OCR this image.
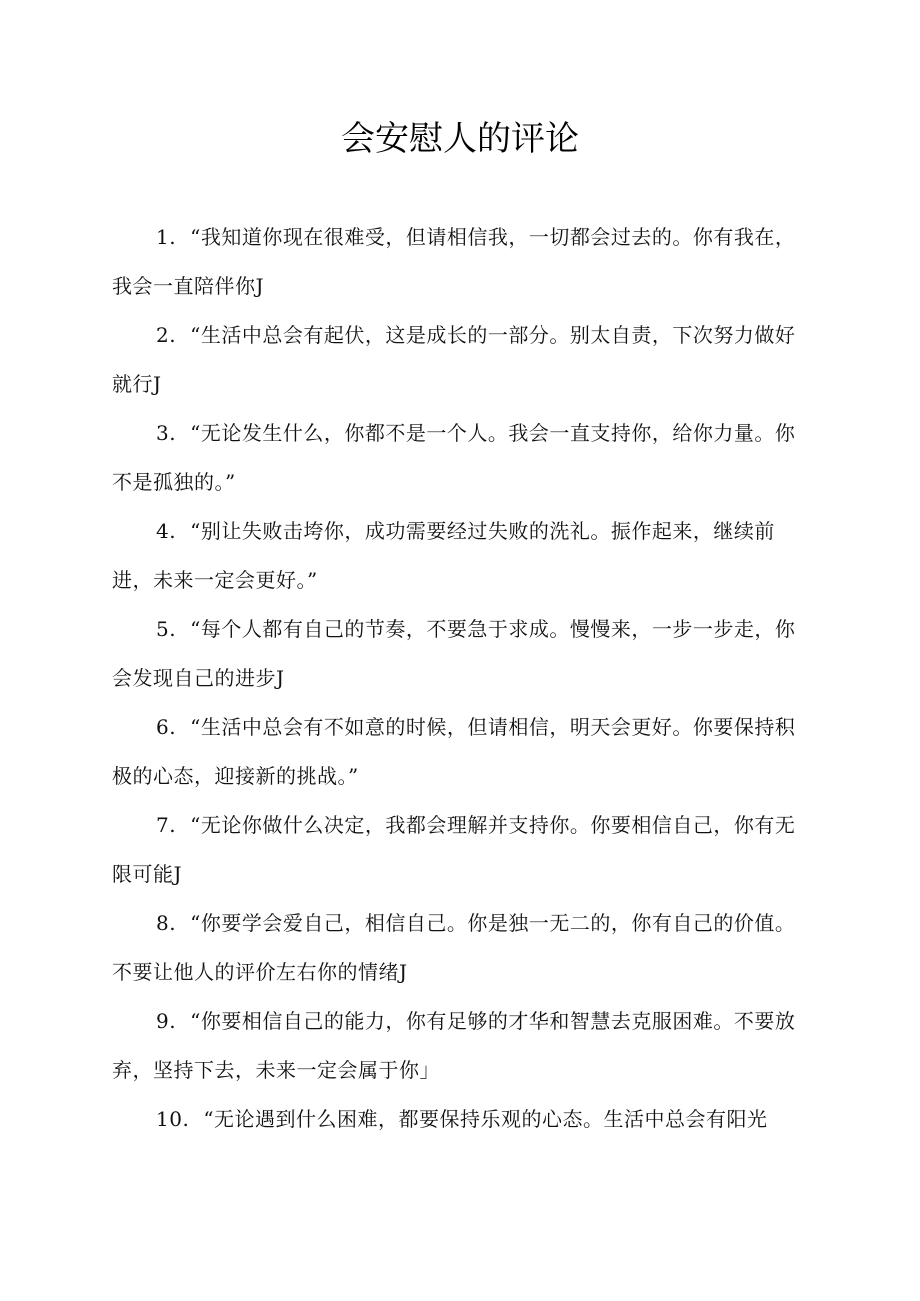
会安慰人的评论
1. “我知道你现在很难受，但请相信我，一切都会过去的。你有我在，我会一直陪伴你J
2. “生活中总会有起伏，这是成长的一部分。别太自责，下次努力做好就行J
3. “无论发生什么，你都不是一个人。我会一直支持你，给你力量。你不是孤独的。”
4. “别让失败击垮你，成功需要经过失败的洗礼。振作起来，继续前进，未来一定会更好。”
5. “每个人都有自己的节奏，不要急于求成。慢慢来，一步一步走，你会发现自己的进步J
6. “生活中总会有不如意的时候，但请相信，明天会更好。你要保持积极的心态，迎接新的挑战。”
7. “无论你做什么决定，我都会理解并支持你。你要相信自己，你有无限可能J
8. “你要学会爱自己，相信自己。你是独一无二的，你有自己的价值。不要让他人的评价左右你的情绪J
9. “你要相信自己的能力，你有足够的才华和智慧去克服困难。不要放弃，坚持下去，未来一定会属于你」
10. “无论遇到什么困难，都要保持乐观的心态。生活中总会有阳光
